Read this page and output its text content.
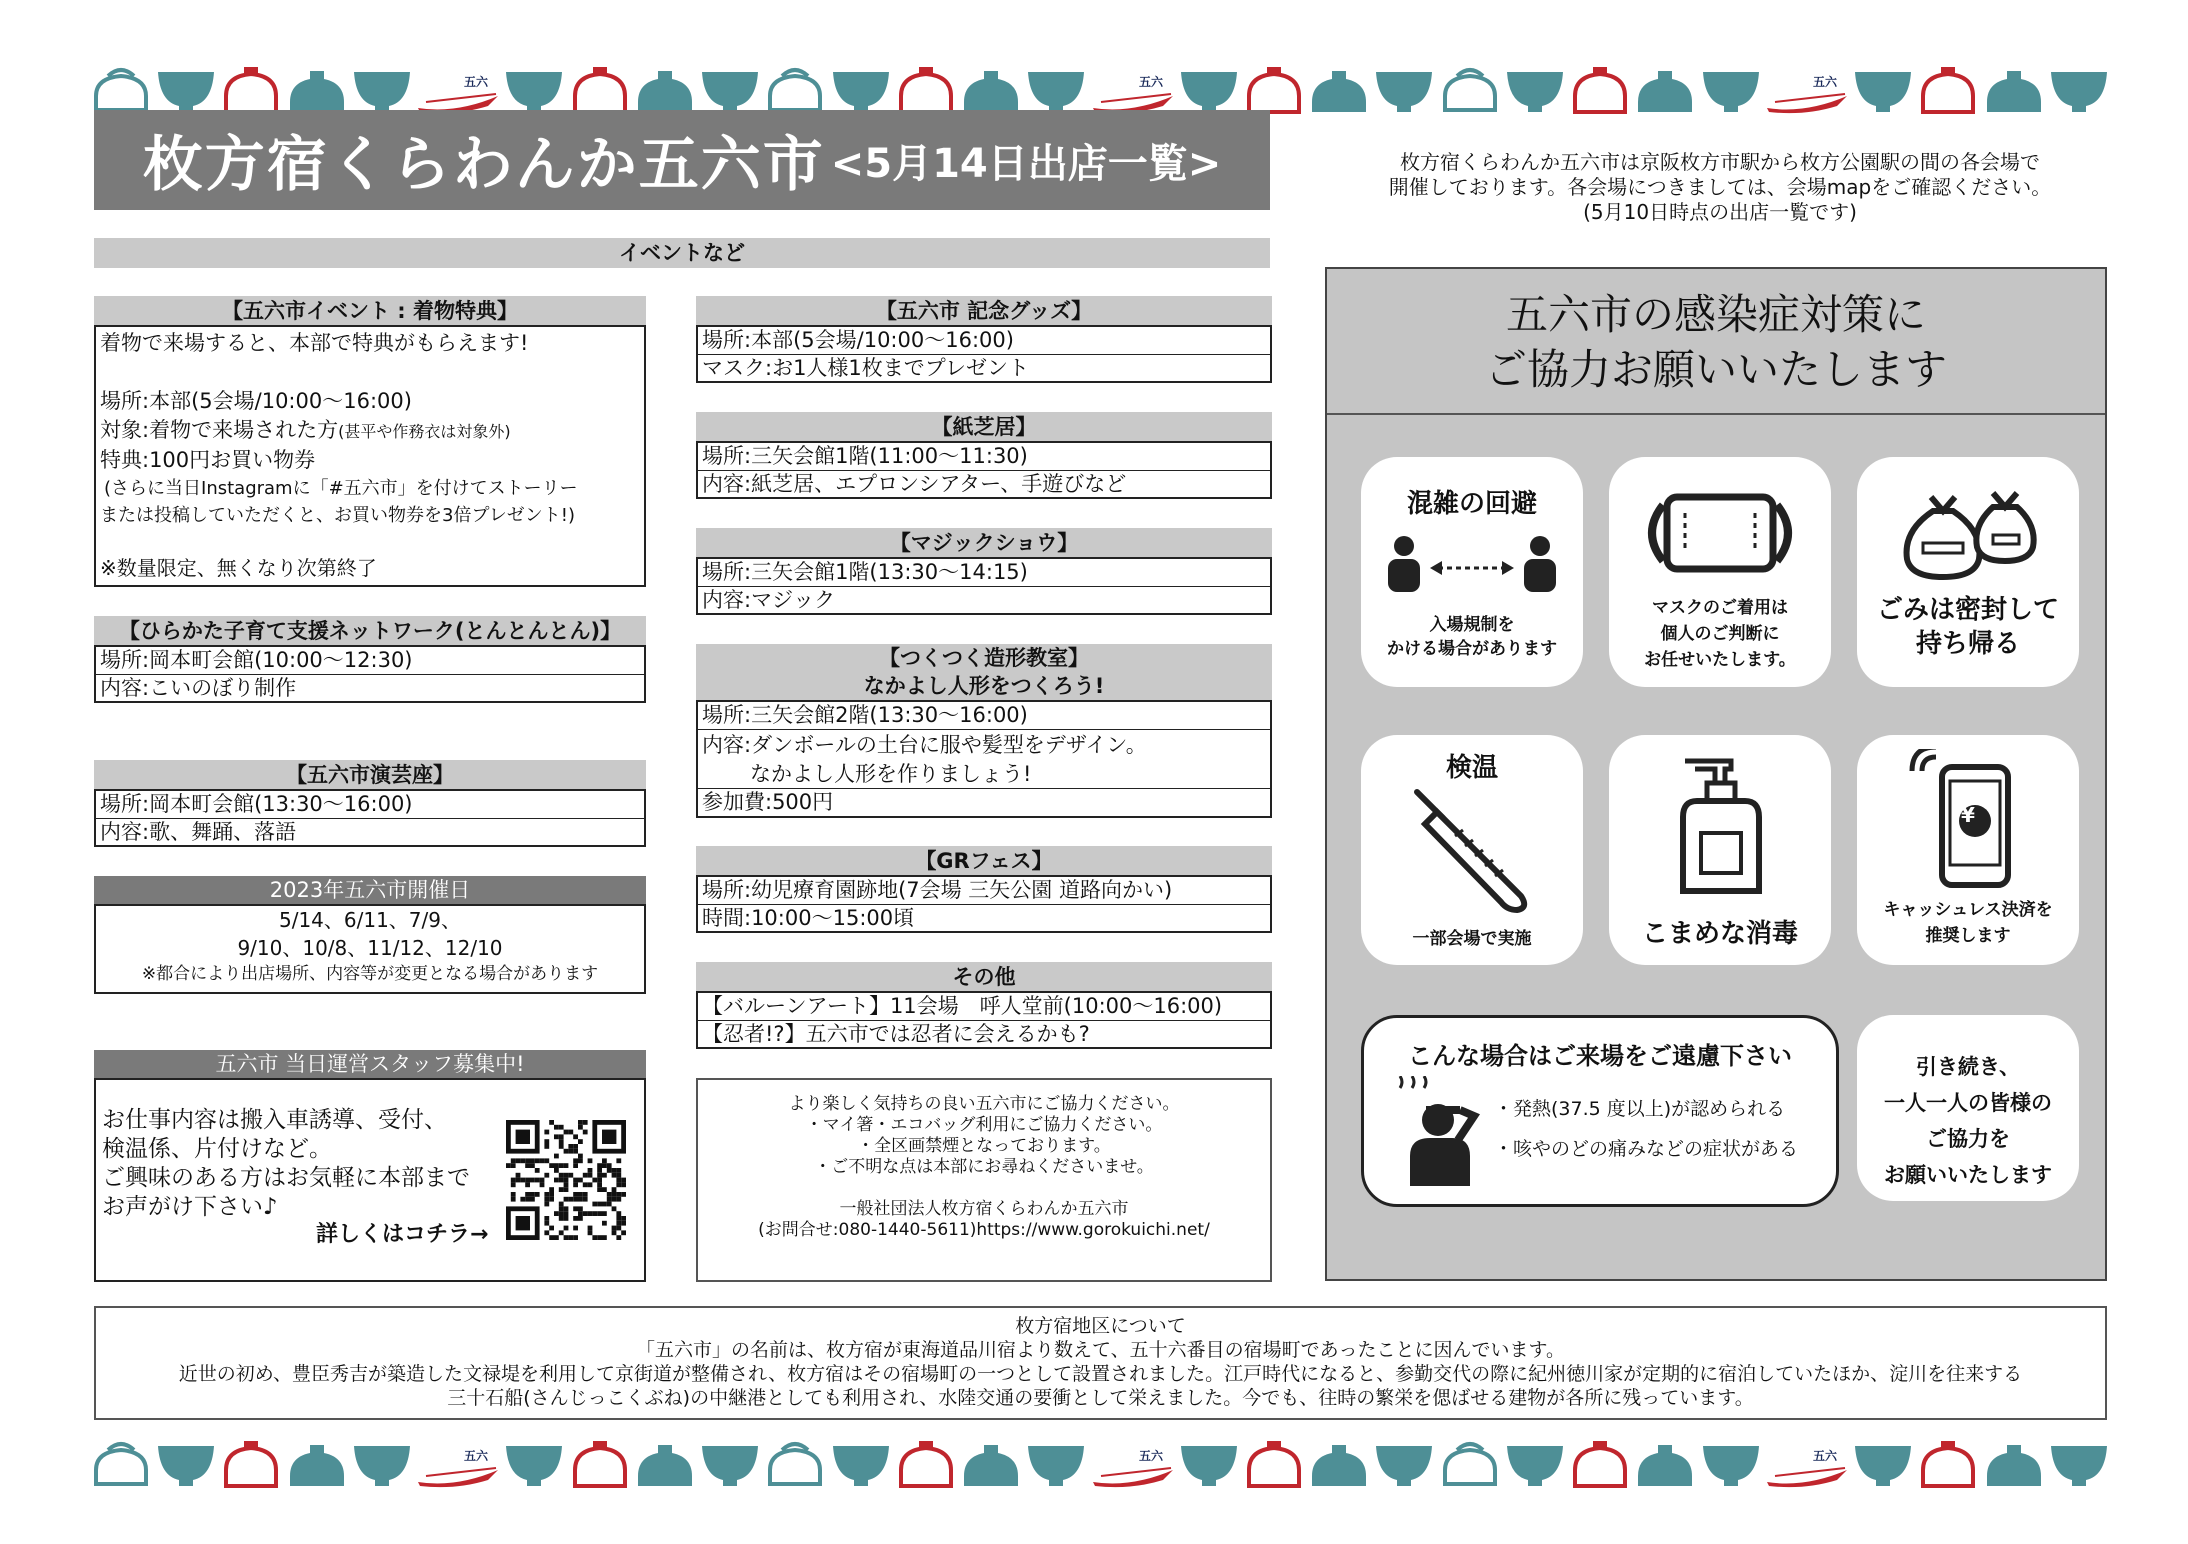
五六	五六	五六
枚方宿くらわんか五六市 <5月14日出店一覧>	枚方宿くらわんか五六市は京阪枚方市駅から枚方公園駅の間の各会場で
開催しております。各会場につきましては、会場mapをご確認ください。
(5月10日時点の出店一覧です)
イベントなど
【五六市イベント : 着物特典】
着物で来場すると、本部で特典がもらえます!
場所:本部(5会場/10:00～16:00)
対象:着物で来場された方(甚平や作務衣は対象外)
特典:100円お買い物券
(さらに当日Instagramに「#五六市」を付けてストーリー
または投稿していただくと、お買い物券を3倍プレゼント!)
※数量限定、無くなり次第終了
【ひらかた子育て支援ネットワーク(とんとんとん)】
場所:岡本町会館(10:00～12:30)
内容:こいのぼり制作
【五六市演芸座】
場所:岡本町会館(13:30～16:00)
内容:歌、舞踊、落語
2023年五六市開催日
5/14、6/11、7/9、
9/10、10/8、11/12、12/10
※都合により出店場所、内容等が変更となる場合があります
五六市 当日運営スタッフ募集中!
お仕事内容は搬入車誘導、受付、
検温係、片付けなど。
ご興味のある方はお気軽に本部まで
お声がけ下さい♪
詳しくはコチラ→
【五六市 記念グッズ】
場所:本部(5会場/10:00～16:00)
マスク:お1人様1枚までプレゼント
【紙芝居】
場所:三矢会館1階(11:00～11:30)
内容:紙芝居、エプロンシアター、手遊びなど
【マジックショウ】
場所:三矢会館1階(13:30～14:15)
内容:マジック
【つくつく造形教室】
なかよし人形をつくろう!
場所:三矢会館2階(13:30～16:00)
内容:ダンボールの土台に服や髪型をデザイン。
なかよし人形を作りましょう!
参加費:500円
【GRフェス】
場所:幼児療育園跡地(7会場 三矢公園 道路向かい)
時間:10:00～15:00頃
その他
【バルーンアート】11会場　呼人堂前(10:00～16:00)
【忍者!?】五六市では忍者に会えるかも?
より楽しく気持ちの良い五六市にご協力ください。
・マイ箸・エコバッグ利用にご協力ください。
・全区画禁煙となっております。
・ご不明な点は本部にお尋ねくださいませ。
一般社団法人枚方宿くらわんか五六市
(お問合せ:080-1440-5611)https://www.gorokuichi.net/
五六市の感染症対策に
ご協力お願いいたします
混雑の回避
入場規制を
かける場合があります
マスクのご着用は
個人のご判断に
お任せいたします。
ごみは密封して
持ち帰る
検温
一部会場で実施	こまめな消毒
¥
キャッシュレス決済を
推奨します
こんな場合はご来場をご遠慮下さい
・発熱(37.5 度以上)が認められる
・咳やのどの痛みなどの症状がある
引き続き、
一人一人の皆様の
ご協力を
お願いいたします
枚方宿地区について
「五六市」の名前は、枚方宿が東海道品川宿より数えて、五十六番目の宿場町であったことに因んでいます。
近世の初め、豊臣秀吉が築造した文禄堤を利用して京街道が整備され、枚方宿はその宿場町の一つとして設置されました。江戸時代になると、参勤交代の際に紀州徳川家が定期的に宿泊していたほか、淀川を往来する
三十石船(さんじっこくぶね)の中継港としても利用され、水陸交通の要衝として栄えました。今でも、往時の繁栄を偲ばせる建物が各所に残っています。
五六	五六	五六
